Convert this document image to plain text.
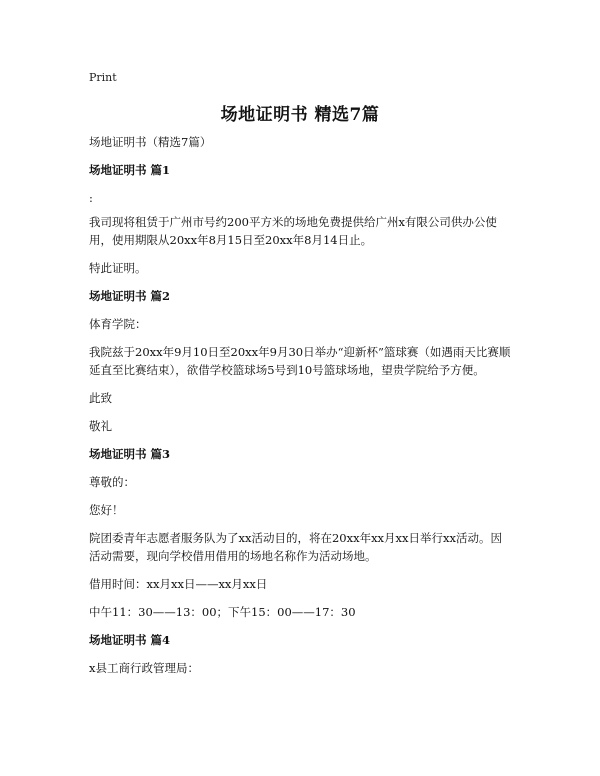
Print
场地证明书 精选7篇

场地证明书（精选7篇）

场地证明书 篇1

:

我司现将租赁于广州市号约200平方米的场地免费提供给广州x有限公司供办公使用，使用期限从20xx年8月15日至20xx年8月14日止。

特此证明。

场地证明书 篇2

体育学院：

我院兹于20xx年9月10日至20xx年9月30日举办“迎新杯”篮球赛（如遇雨天比赛顺延直至比赛结束），欲借学校篮球场5号到10号篮球场地，望贵学院给予方便。

此致

敬礼

场地证明书 篇3

尊敬的：

您好！

院团委青年志愿者服务队为了xx活动目的，将在20xx年xx月xx日举行xx活动。因活动需要，现向学校借用借用的场地名称作为活动场地。

借用时间：xx月xx日——xx月xx日

中午11：30——13：00；下午15：00——17：30

场地证明书 篇4

x县工商行政管理局：
